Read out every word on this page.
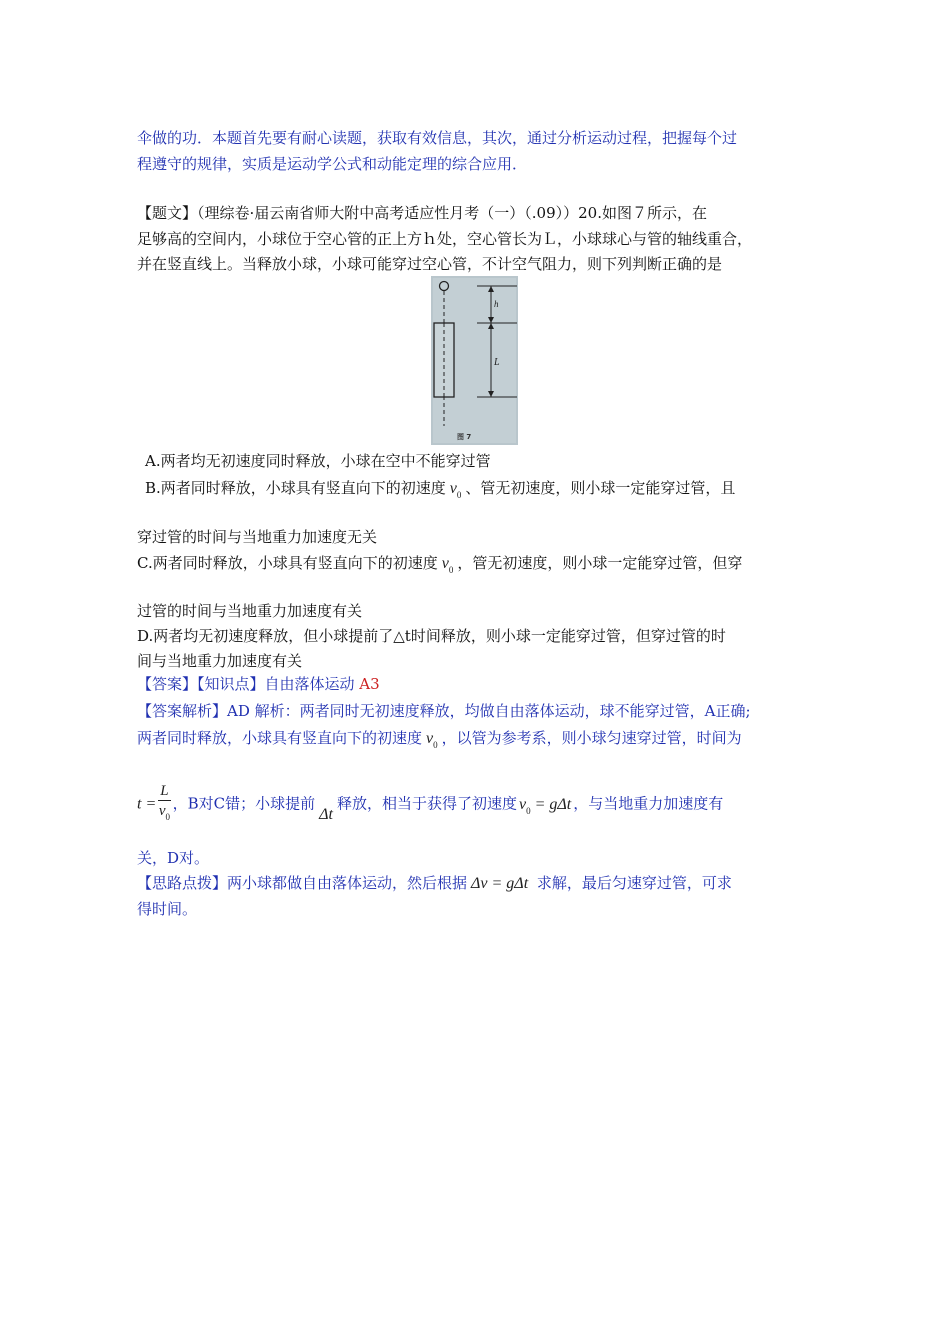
伞做的功．本题首先要有耐心读题，获取有效信息，其次，通过分析运动过程，把握每个过
程遵守的规律，实质是运动学公式和动能定理的综合应用．
【题文】（理综卷·届云南省师大附中高考适应性月考（一）（.09））20.如图７所示，在
足够高的空间内，小球位于空心管的正上方ｈ处，空心管长为Ｌ，小球球心与管的轴线重合，
并在竖直线上。当释放小球，小球可能穿过空心管，不计空气阻力，则下列判断正确的是
h
L
图 7
A.两者均无初速度同时释放，小球在空中不能穿过管
B.两者同时释放，小球具有竖直向下的初速度 $v_0$ 、管无初速度，则小球一定能穿过管，且
穿过管的时间与当地重力加速度无关
C.两者同时释放，小球具有竖直向下的初速度 $v_0$ ，管无初速度，则小球一定能穿过管，但穿
过管的时间与当地重力加速度有关
D.两者均无初速度释放，但小球提前了△t时间释放，则小球一定能穿过管，但穿过管的时
间与当地重力加速度有关
【答案】【知识点】自由落体运动 A3
【答案解析】AD 解析：两者同时无初速度释放，均做自由落体运动，球不能穿过管，A正确;
两者同时释放，小球具有竖直向下的初速度 $v_0$ ，以管为参考系，则小球匀速穿过管，时间为
$t = \frac{L}{v_0}$ ，B对C错；小球提前Δt释放，相当于获得了初速度 $v_0 = g\Delta t$ ，与当地重力加速度有
关，D对。
【思路点拨】两小球都做自由落体运动，然后根据 Δv = gΔt 求解，最后匀速穿过管，可求
得时间。
